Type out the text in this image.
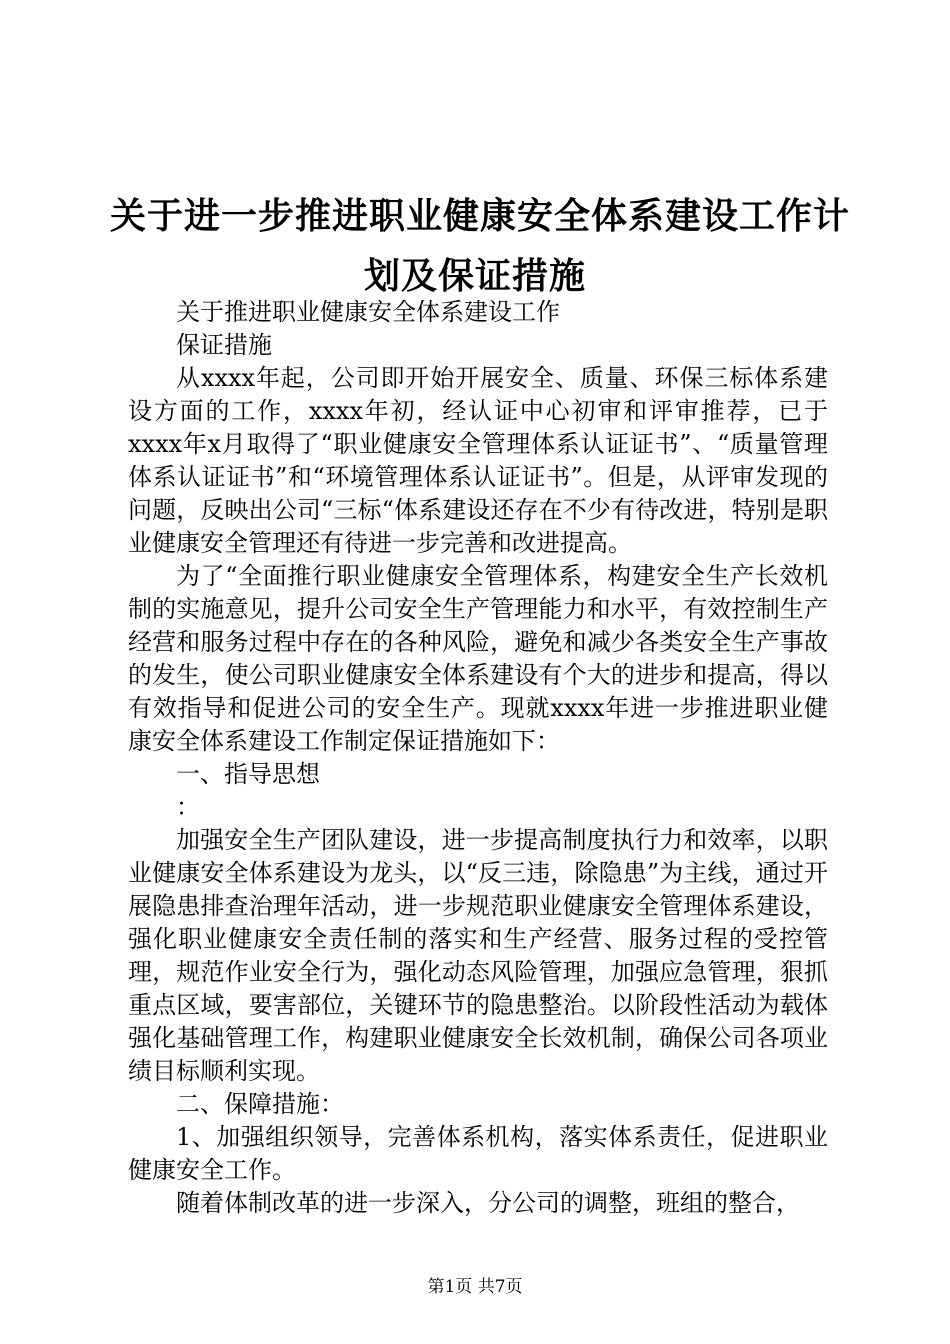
关于进一步推进职业健康安全体系建设工作计
划及保证措施

关于推进职业健康安全体系建设工作

保证措施

从xxxx年起，公司即开始开展安全、质量、环保三标体系建设方面的工作，xxxx年初，经认证中心初审和评审推荐，已于xxxx年x月取得了“职业健康安全管理体系认证证书”、“质量管理体系认证证书”和“环境管理体系认证证书”。但是，从评审发现的问题，反映出公司“三标“体系建设还存在不少有待改进，特别是职业健康安全管理还有待进一步完善和改进提高。

为了“全面推行职业健康安全管理体系，构建安全生产长效机制的实施意见，提升公司安全生产管理能力和水平，有效控制生产经营和服务过程中存在的各种风险，避免和减少各类安全生产事故的发生，使公司职业健康安全体系建设有个大的进步和提高，得以有效指导和促进公司的安全生产。现就xxxx年进一步推进职业健康安全体系建设工作制定保证措施如下：

一、指导思想

：

加强安全生产团队建设，进一步提高制度执行力和效率，以职业健康安全体系建设为龙头，以“反三违，除隐患”为主线，通过开展隐患排查治理年活动，进一步规范职业健康安全管理体系建设，强化职业健康安全责任制的落实和生产经营、服务过程的受控管理，规范作业安全行为，强化动态风险管理，加强应急管理，狠抓重点区域，要害部位，关键环节的隐患整治。以阶段性活动为载体强化基础管理工作，构建职业健康安全长效机制，确保公司各项业绩目标顺利实现。

二、保障措施：

1、加强组织领导，完善体系机构，落实体系责任，促进职业健康安全工作。

随着体制改革的进一步深入，分公司的调整，班组的整合，

第1页 共7页
